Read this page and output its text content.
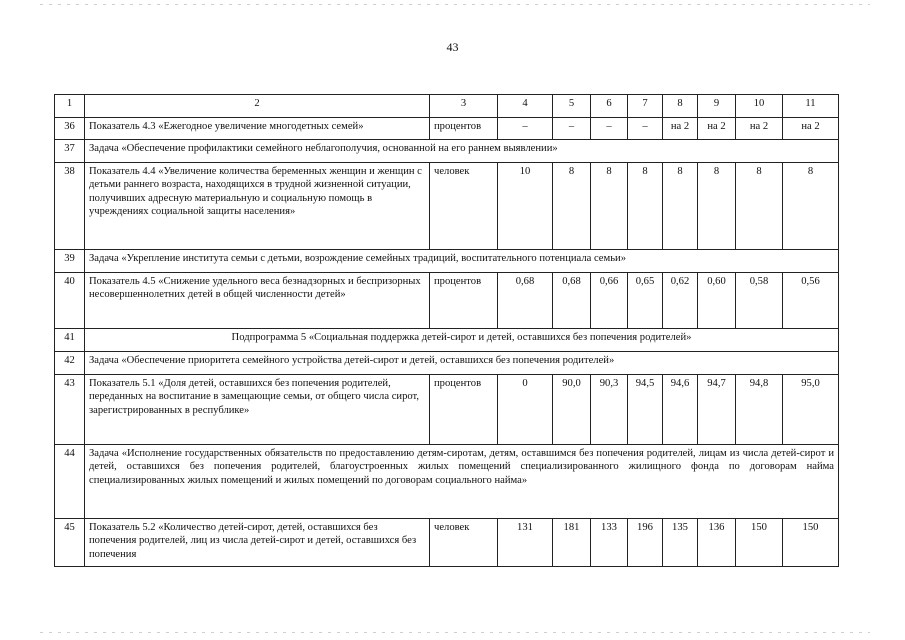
43
1	2	3	4	5	6	7	8	9	10	11
36	Показатель 4.3 «Ежегодное увеличение многодетных семей»	процентов	–	–	–	–	на 2	на 2	на 2	на 2
37	Задача «Обеспечение профилактики семейного неблагополучия, основанной на его раннем выявлении»									
38	Показатель 4.4 «Увеличение количества беременных женщин и женщин с детьми раннего возраста, находящихся в трудной жизненной ситуации, получивших адресную материальную и социальную помощь в учреждениях социальной защиты населения»	человек	10	8	8	8	8	8	8	8
39	Задача «Укрепление института семьи с детьми, возрождение семейных традиций, воспитательного потенциала семьи»									
40	Показатель 4.5 «Снижение удельного веса безнадзорных и беспризорных несовершеннолетних детей в общей численности детей»	процентов	0,68	0,68	0,66	0,65	0,62	0,60	0,58	0,56
41	Подпрограмма 5 «Социальная поддержка детей-сирот и детей, оставшихся без попечения родителей»									
42	Задача «Обеспечение приоритета семейного устройства детей-сирот и детей, оставшихся без попечения родителей»									
43	Показатель 5.1 «Доля детей, оставшихся без попечения родителей, переданных на воспитание в замещающие семьи, от общего числа сирот, зарегистрированных в республике»	процентов	0	90,0	90,3	94,5	94,6	94,7	94,8	95,0
44	Задача «Исполнение государственных обязательств по предоставлению детям-сиротам, детям, оставшимся без попечения родителей, лицам из числа детей-сирот и детей, оставшихся без попечения родителей, благоустроенных жилых помещений специализированного жилищного фонда по договорам найма специализированных жилых помещений и жилых помещений по договорам социального найма»									
45	Показатель 5.2 «Количество детей-сирот, детей, оставшихся без попечения родителей, лиц из числа детей-сирот и детей, оставшихся без попечения	человек	131	181	133	196	135	136	150	150
